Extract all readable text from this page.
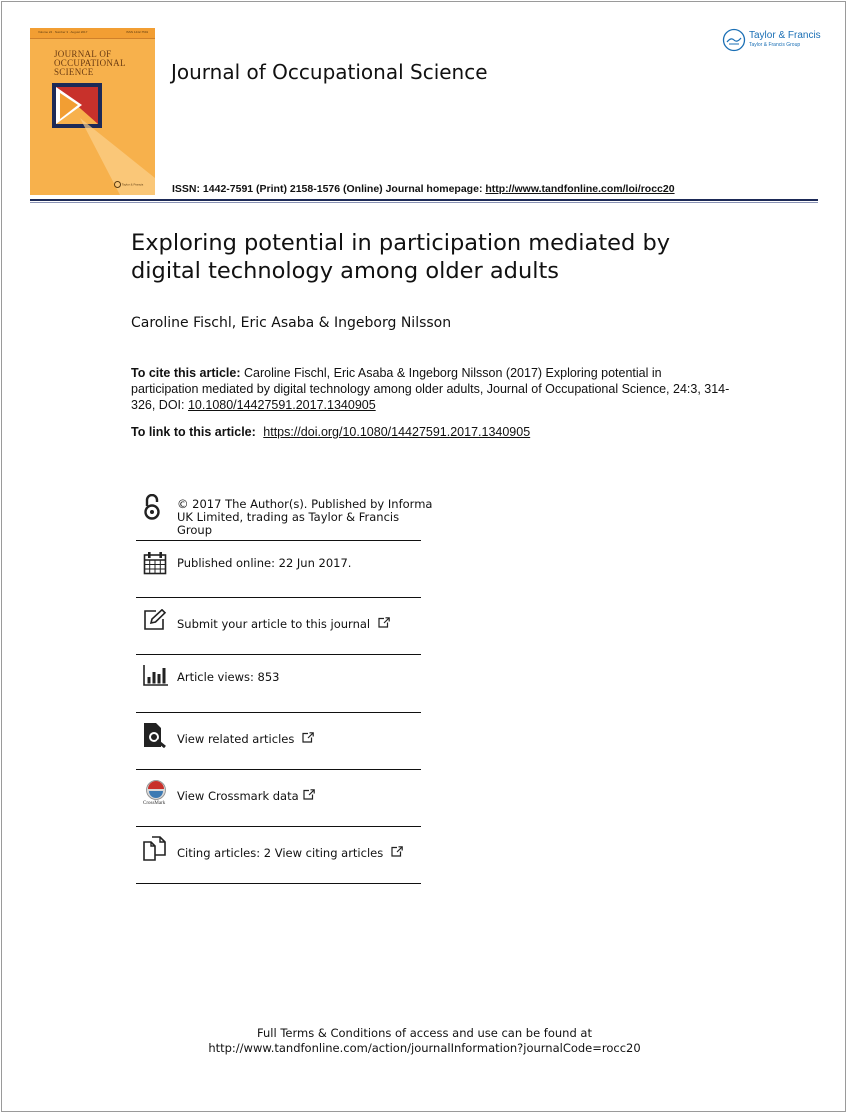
Volume 24 · Number 3 · August 2017	ISSN 1442-7591
JOURNAL OF
OCCUPATIONAL
SCIENCE
Taylor & Francis
Journal of Occupational Science
Taylor & Francis
Taylor & Francis Group
ISSN: 1442-7591 (Print) 2158-1576 (Online) Journal homepage: http://www.tandfonline.com/loi/rocc20
Exploring potential in participation mediated by
digital technology among older adults
Caroline Fischl, Eric Asaba & Ingeborg Nilsson
To cite this article: Caroline Fischl, Eric Asaba & Ingeborg Nilsson (2017) Exploring potential in participation mediated by digital technology among older adults, Journal of Occupational Science, 24:3, 314-326, DOI: 10.1080/14427591.2017.1340905
To link to this article: https://doi.org/10.1080/14427591.2017.1340905
© 2017 The Author(s). Published by Informa
UK Limited, trading as Taylor & Francis
Group
Published online: 22 Jun 2017.
Submit your article to this journal
Article views: 853
View related articles
CrossMark
View Crossmark data
Citing articles: 2 View citing articles
Full Terms & Conditions of access and use can be found at
http://www.tandfonline.com/action/journalInformation?journalCode=rocc20
